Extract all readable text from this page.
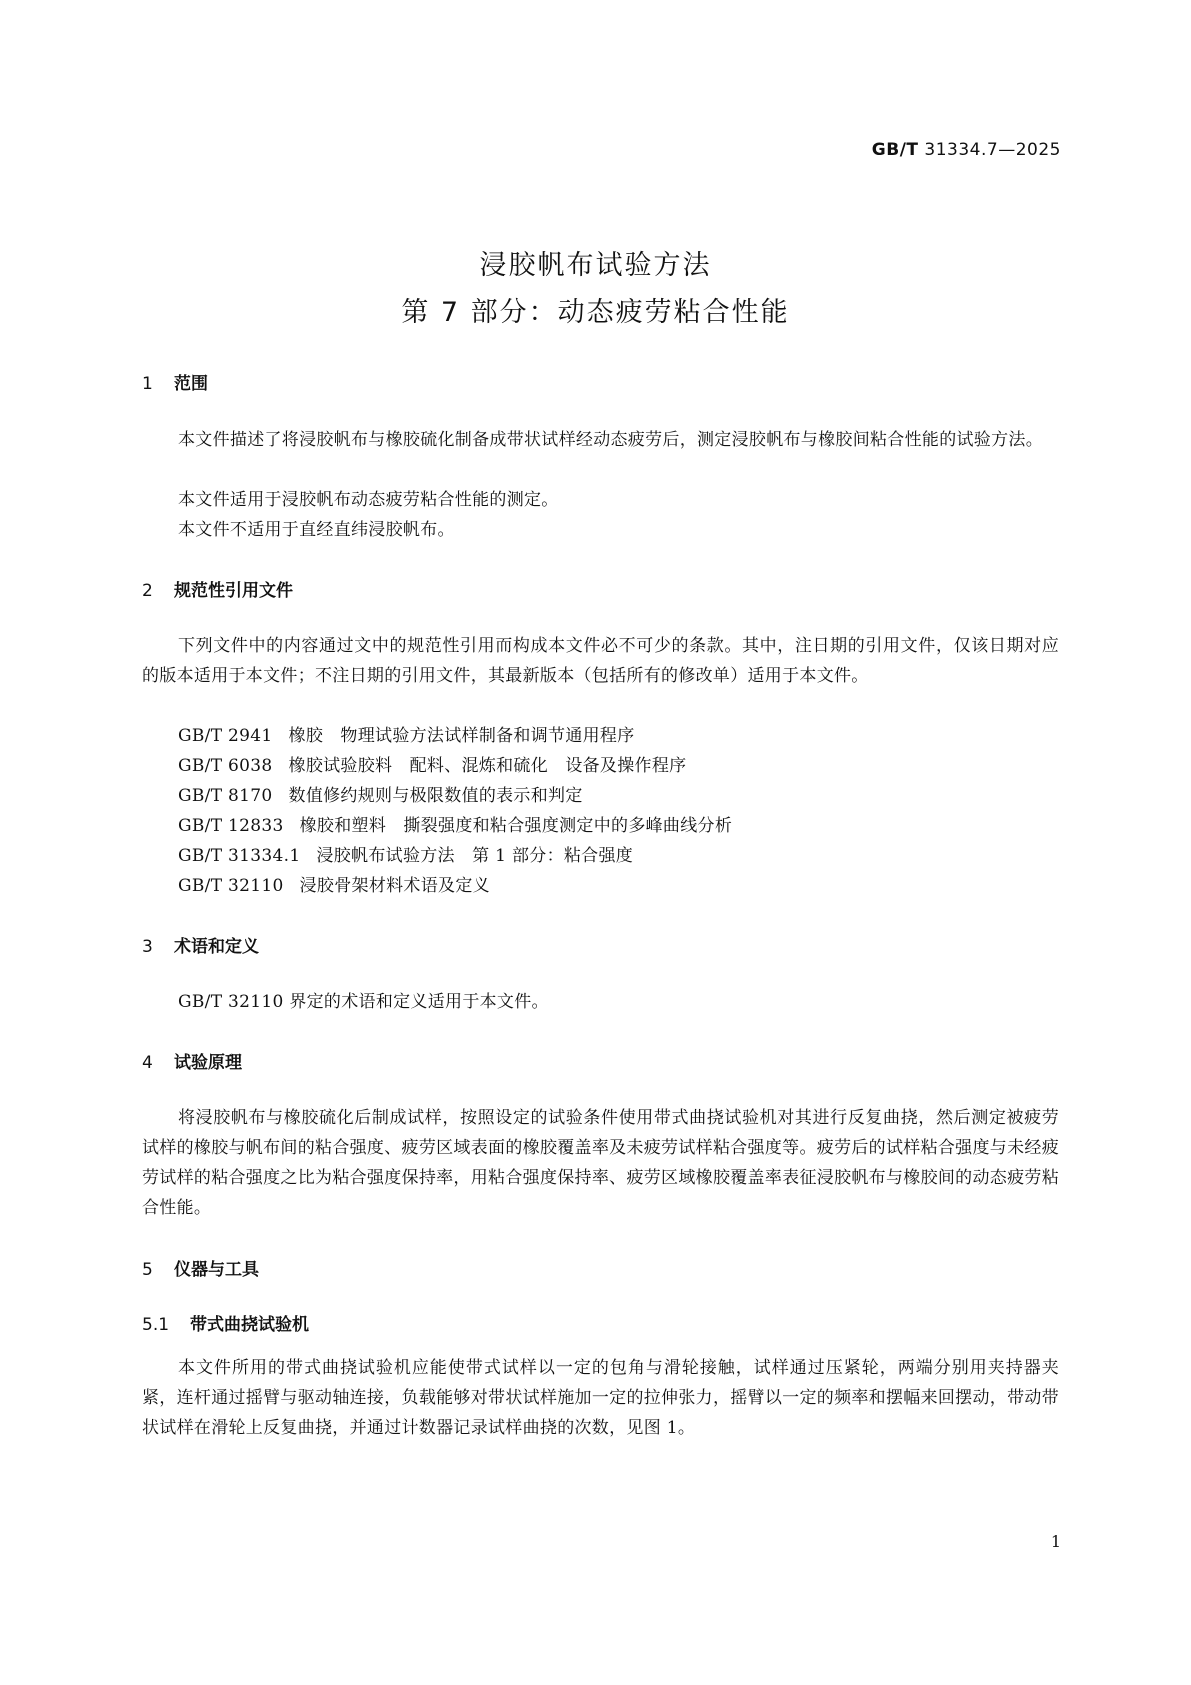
GB/T 31334.7—2025
浸胶帆布试验方法
第 7 部分：动态疲劳粘合性能
1 范围
本文件描述了将浸胶帆布与橡胶硫化制备成带状试样经动态疲劳后，测定浸胶帆布与橡胶间粘合性能的试验方法。
本文件适用于浸胶帆布动态疲劳粘合性能的测定。
本文件不适用于直经直纬浸胶帆布。
2 规范性引用文件
下列文件中的内容通过文中的规范性引用而构成本文件必不可少的条款。其中，注日期的引用文件，仅该日期对应的版本适用于本文件；不注日期的引用文件，其最新版本（包括所有的修改单）适用于本文件。
GB/T 2941 橡胶　物理试验方法试样制备和调节通用程序
GB/T 6038 橡胶试验胶料　配料、混炼和硫化　设备及操作程序
GB/T 8170 数值修约规则与极限数值的表示和判定
GB/T 12833 橡胶和塑料　撕裂强度和粘合强度测定中的多峰曲线分析
GB/T 31334.1 浸胶帆布试验方法　第 1 部分：粘合强度
GB/T 32110 浸胶骨架材料术语及定义
3 术语和定义
GB/T 32110 界定的术语和定义适用于本文件。
4 试验原理
将浸胶帆布与橡胶硫化后制成试样，按照设定的试验条件使用带式曲挠试验机对其进行反复曲挠，然后测定被疲劳试样的橡胶与帆布间的粘合强度、疲劳区域表面的橡胶覆盖率及未疲劳试样粘合强度等。疲劳后的试样粘合强度与未经疲劳试样的粘合强度之比为粘合强度保持率，用粘合强度保持率、疲劳区域橡胶覆盖率表征浸胶帆布与橡胶间的动态疲劳粘合性能。
5 仪器与工具
5.1 带式曲挠试验机
本文件所用的带式曲挠试验机应能使带式试样以一定的包角与滑轮接触，试样通过压紧轮，两端分别用夹持器夹紧，连杆通过摇臂与驱动轴连接，负载能够对带状试样施加一定的拉伸张力，摇臂以一定的频率和摆幅来回摆动，带动带状试样在滑轮上反复曲挠，并通过计数器记录试样曲挠的次数，见图 1。
1
